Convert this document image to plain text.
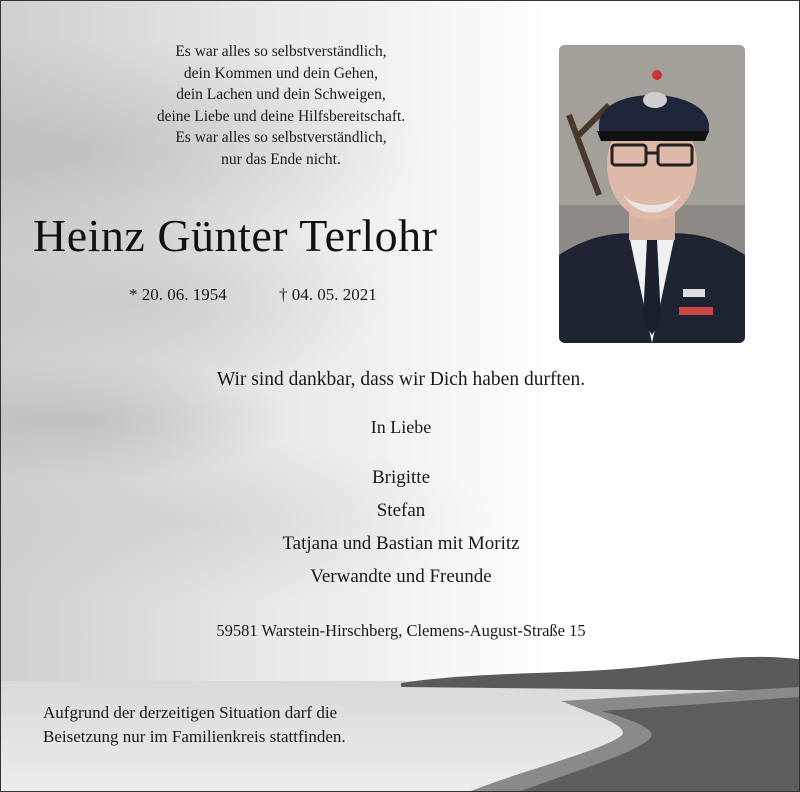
Es war alles so selbstverständlich,
dein Kommen und dein Gehen,
dein Lachen und dein Schweigen,
deine Liebe und deine Hilfsbereitschaft.
Es war alles so selbstverständlich,
nur das Ende nicht.
Heinz Günter Terlohr
* 20. 06. 1954	† 04. 05. 2021
Wir sind dankbar, dass wir Dich haben durften.
In Liebe
Brigitte
Stefan
Tatjana und Bastian mit Moritz
Verwandte und Freunde
59581 Warstein-Hirschberg, Clemens-August-Straße 15
Aufgrund der derzeitigen Situation darf die
Beisetzung nur im Familienkreis stattfinden.
